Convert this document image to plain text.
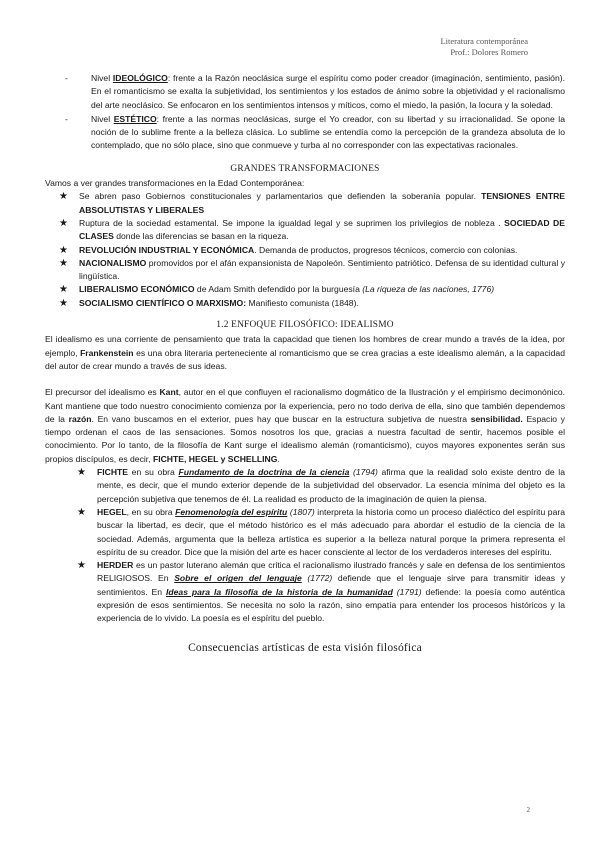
Literatura contemporánea
Prof.: Dolores Romero
-	Nivel IDEOLÓGICO: frente a la Razón neoclásica surge el espíritu como poder creador (imaginación, sentimiento, pasión). En el romanticismo se exalta la subjetividad, los sentimientos y los estados de ánimo sobre la objetividad y el racionalismo del arte neoclásico. Se enfocaron en los sentimientos intensos y míticos, como el miedo, la pasión, la locura y la soledad.
-	Nivel ESTÉTICO: frente a las normas neoclásicas, surge el Yo creador, con su libertad y su irracionalidad. Se opone la noción de lo sublime frente a la belleza clásica. Lo sublime se entendía como la percepción de la grandeza absoluta de lo contemplado, que no sólo place, sino que conmueve y turba al no corresponder con las expectativas racionales.
GRANDES TRANSFORMACIONES

Vamos a ver grandes transformaciones en la Edad Contemporánea:

★ Se abren paso Gobiernos constitucionales y parlamentarios que defienden la soberanía popular. TENSIONES ENTRE ABSOLUTISTAS Y LIBERALES
★ Ruptura de la sociedad estamental. Se impone la igualdad legal y se suprimen los privilegios de nobleza . SOCIEDAD DE CLASES donde las diferencias se basan en la riqueza.
★ REVOLUCIÓN INDUSTRIAL Y ECONÓMICA. Demanda de productos, progresos técnicos, comercio con colonias.
★ NACIONALISMO promovidos por el afán expansionista de Napoleón. Sentimiento patriótico. Defensa de su identidad cultural y lingüística.
★ LIBERALISMO ECONÓMICO de Adam Smith defendido por la burguesía (La riqueza de las naciones, 1776)
★ SOCIALISMO CIENTÍFICO O MARXISMO: Manifiesto comunista (1848).
1.2 ENFOQUE FILOSÓFICO: IDEALISMO

El idealismo es una corriente de pensamiento que trata la capacidad que tienen los hombres de crear mundo a través de la idea, por ejemplo, Frankenstein es una obra literaria perteneciente al romanticismo que se crea gracias a este idealismo alemán, a la capacidad del autor de crear mundo a través de sus ideas.

El precursor del idealismo es Kant, autor en el que confluyen el racionalismo dogmático de la Ilustración y el empirismo decimonónico. Kant mantiene que todo nuestro conocimiento comienza por la experiencia, pero no todo deriva de ella, sino que también dependemos de la razón. En vano buscamos en el exterior, pues hay que buscar en la estructura subjetiva de nuestra sensibilidad. Espacio y tiempo ordenan el caos de las sensaciones. Somos nosotros los que, gracias a nuestra facultad de sentir, hacemos posible el conocimiento. Por lo tanto, de la filosofía de Kant surge el idealismo alemán (romanticismo), cuyos mayores exponentes serán sus propios discípulos, es decir, FICHTE, HEGEL y SCHELLING.

★ FICHTE en su obra Fundamento de la doctrina de la ciencia (1794) afirma que la realidad solo existe dentro de la mente, es decir, que el mundo exterior depende de la subjetividad del observador. La esencia mínima del objeto es la percepción subjetiva que tenemos de él. La realidad es producto de la imaginación de quien la piensa.
★ HEGEL, en su obra Fenomenología del espíritu (1807) interpreta la historia como un proceso dialéctico del espíritu para buscar la libertad, es decir, que el método histórico es el más adecuado para abordar el estudio de la ciencia de la sociedad. Además, argumenta que la belleza artística es superior a la belleza natural porque la primera representa el espíritu de su creador. Dice que la misión del arte es hacer consciente al lector de los verdaderos intereses del espíritu.
★ HERDER es un pastor luterano alemán que critica el racionalismo ilustrado francés y sale en defensa de los sentimientos RELIGIOSOS. En Sobre el origen del lenguaje (1772) defiende que el lenguaje sirve para transmitir ideas y sentimientos. En Ideas para la filosofía de la historia de la humanidad (1791) defiende: la poesía como auténtica expresión de esos sentimientos. Se necesita no solo la razón, sino empatía para entender los procesos históricos y la experiencia de lo vivido. La poesía es el espíritu del pueblo.
Consecuencias artísticas de esta visión filosófica
2
